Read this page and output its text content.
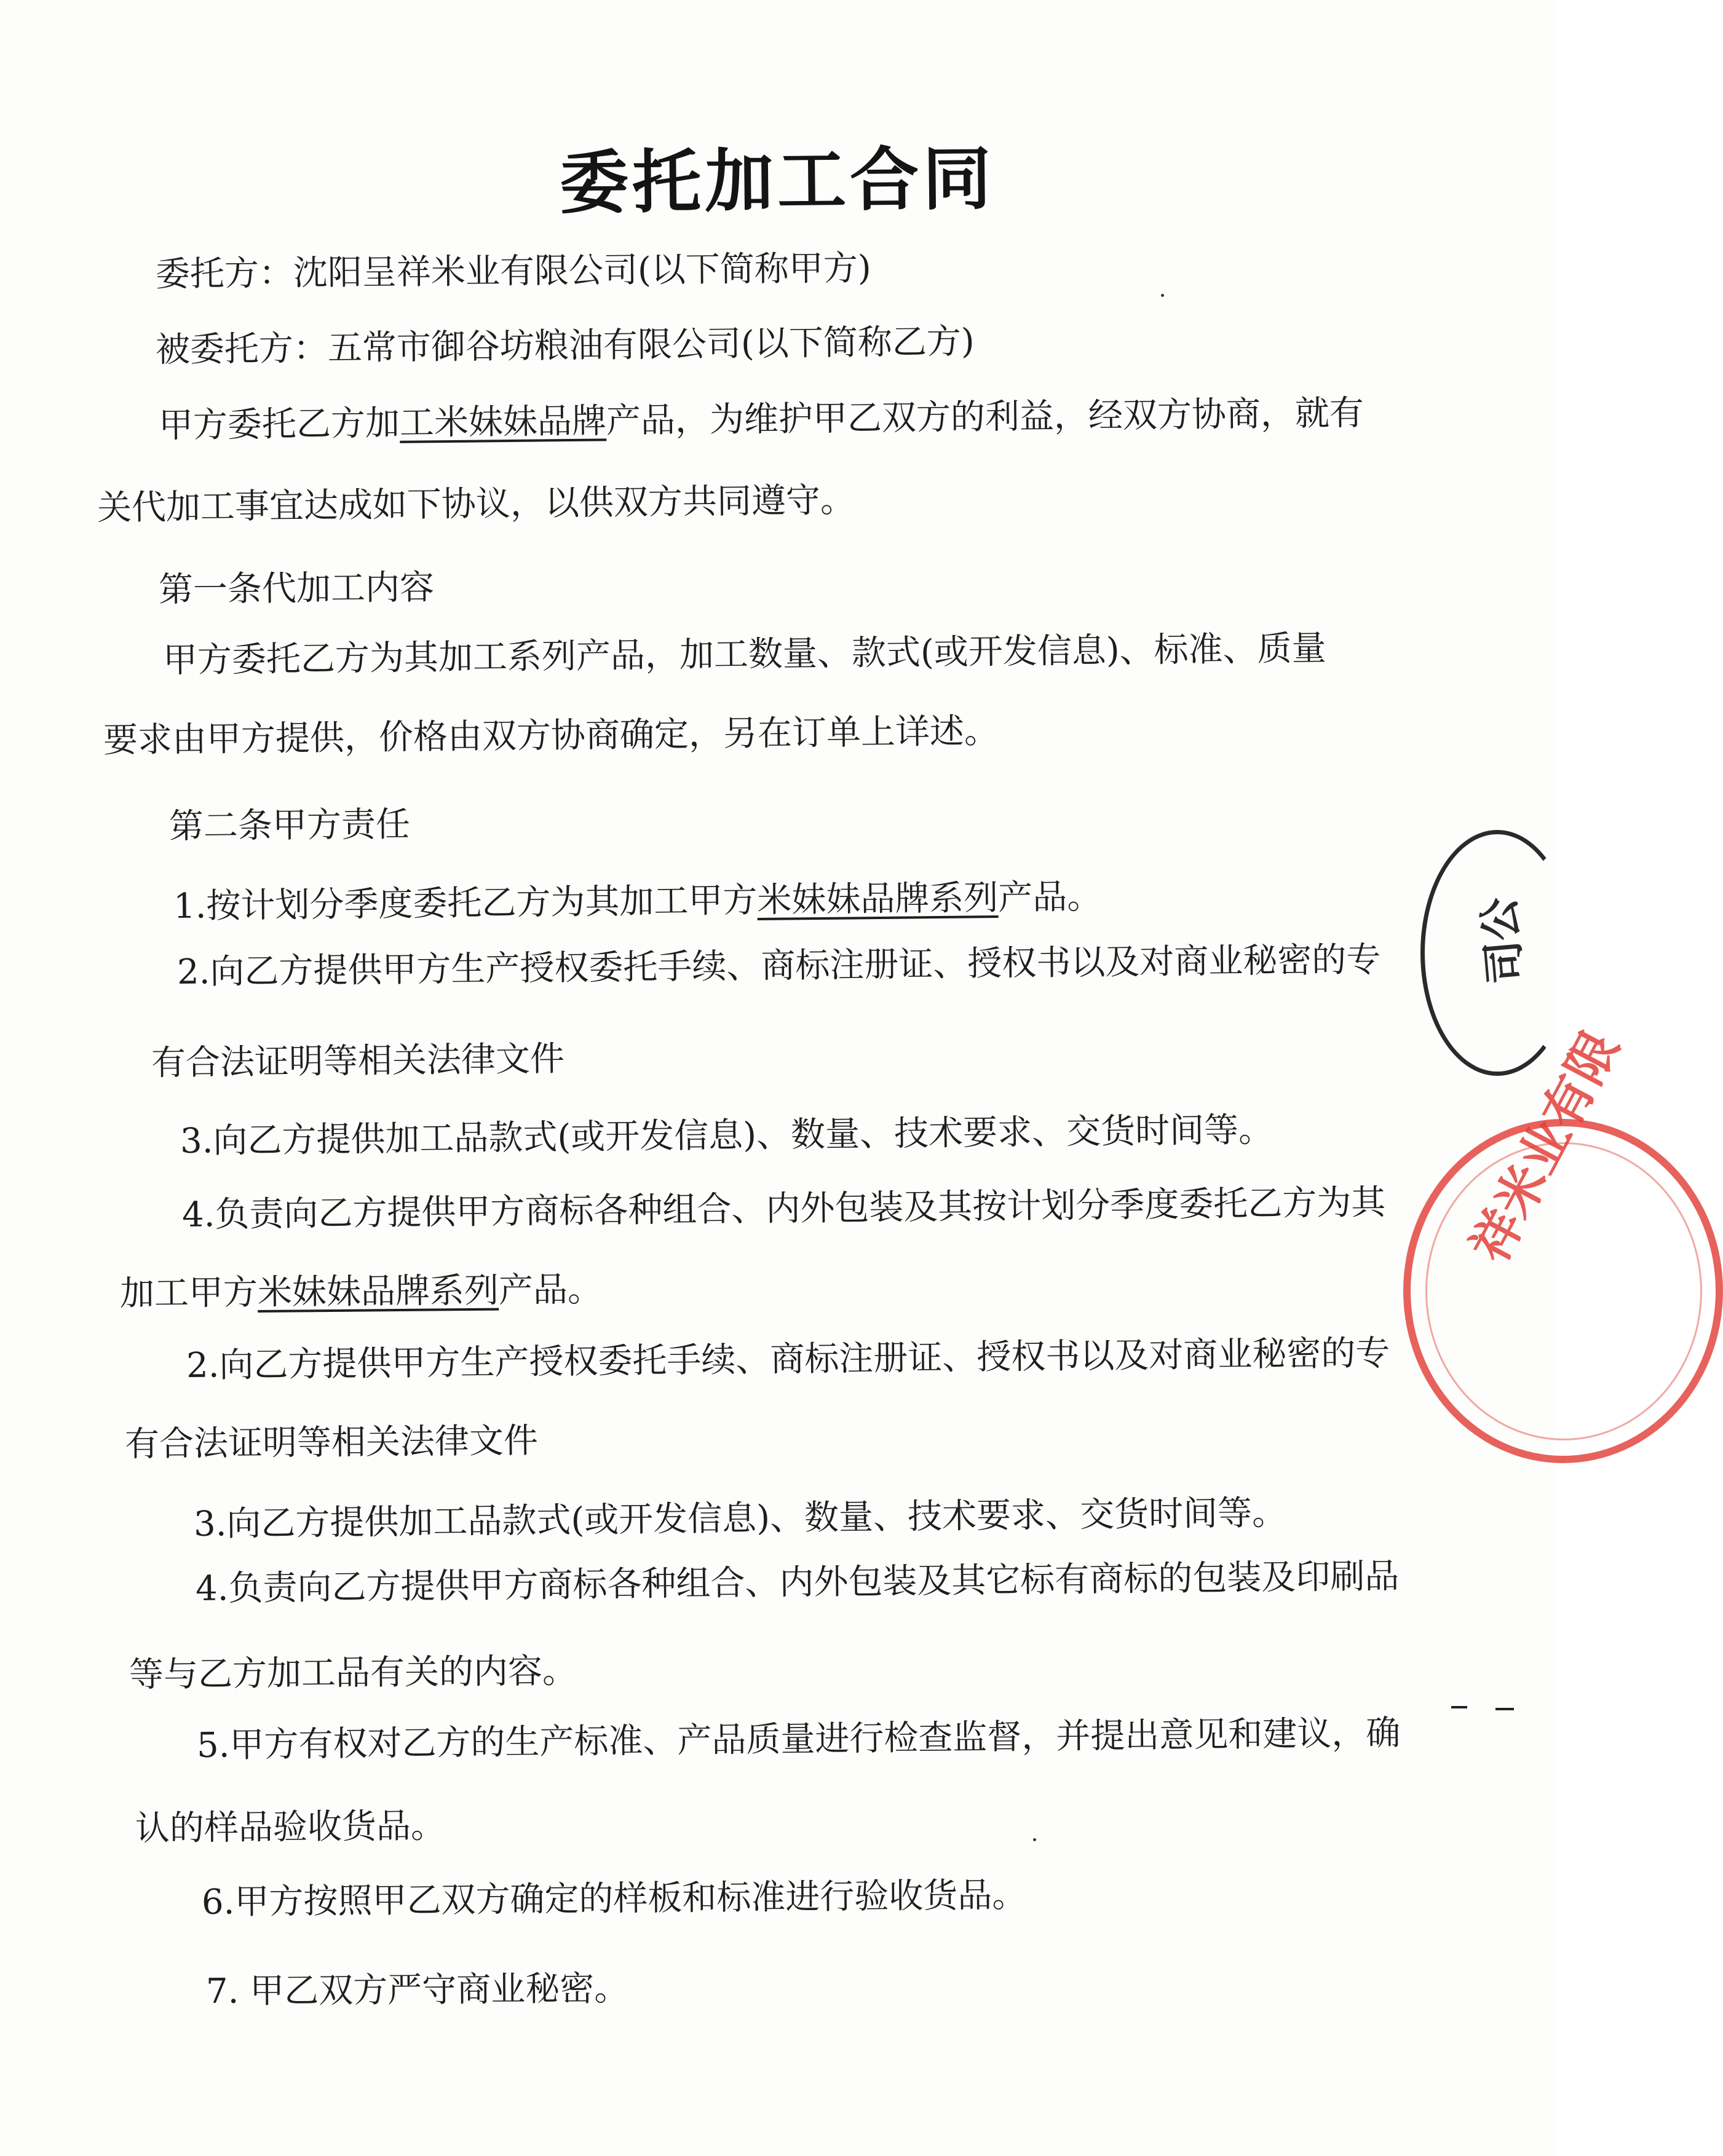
委托加工合同
委托方：沈阳呈祥米业有限公司(以下简称甲方)
被委托方：五常市御谷坊粮油有限公司(以下简称乙方)
甲方委托乙方加工米妹妹品牌产品，为维护甲乙双方的利益，经双方协商，就有
关代加工事宜达成如下协议，以供双方共同遵守。
第一条代加工内容
甲方委托乙方为其加工系列产品，加工数量、款式(或开发信息)、标准、质量
要求由甲方提供，价格由双方协商确定，另在订单上详述。
第二条甲方责任
1.按计划分季度委托乙方为其加工甲方米妹妹品牌系列产品。
2.向乙方提供甲方生产授权委托手续、商标注册证、授权书以及对商业秘密的专
有合法证明等相关法律文件
3.向乙方提供加工品款式(或开发信息)、数量、技术要求、交货时间等。
4.负责向乙方提供甲方商标各种组合、内外包装及其按计划分季度委托乙方为其
加工甲方米妹妹品牌系列产品。
2.向乙方提供甲方生产授权委托手续、商标注册证、授权书以及对商业秘密的专
有合法证明等相关法律文件
3.向乙方提供加工品款式(或开发信息)、数量、技术要求、交货时间等。
4.负责向乙方提供甲方商标各种组合、内外包装及其它标有商标的包装及印刷品
等与乙方加工品有关的内容。
5.甲方有权对乙方的生产标准、产品质量进行检查监督，并提出意见和建议，确
认的样品验收货品。
6.甲方按照甲乙双方确定的样板和标准进行验收货品。
7. 甲乙双方严守商业秘密。
司公
祥米业有限
